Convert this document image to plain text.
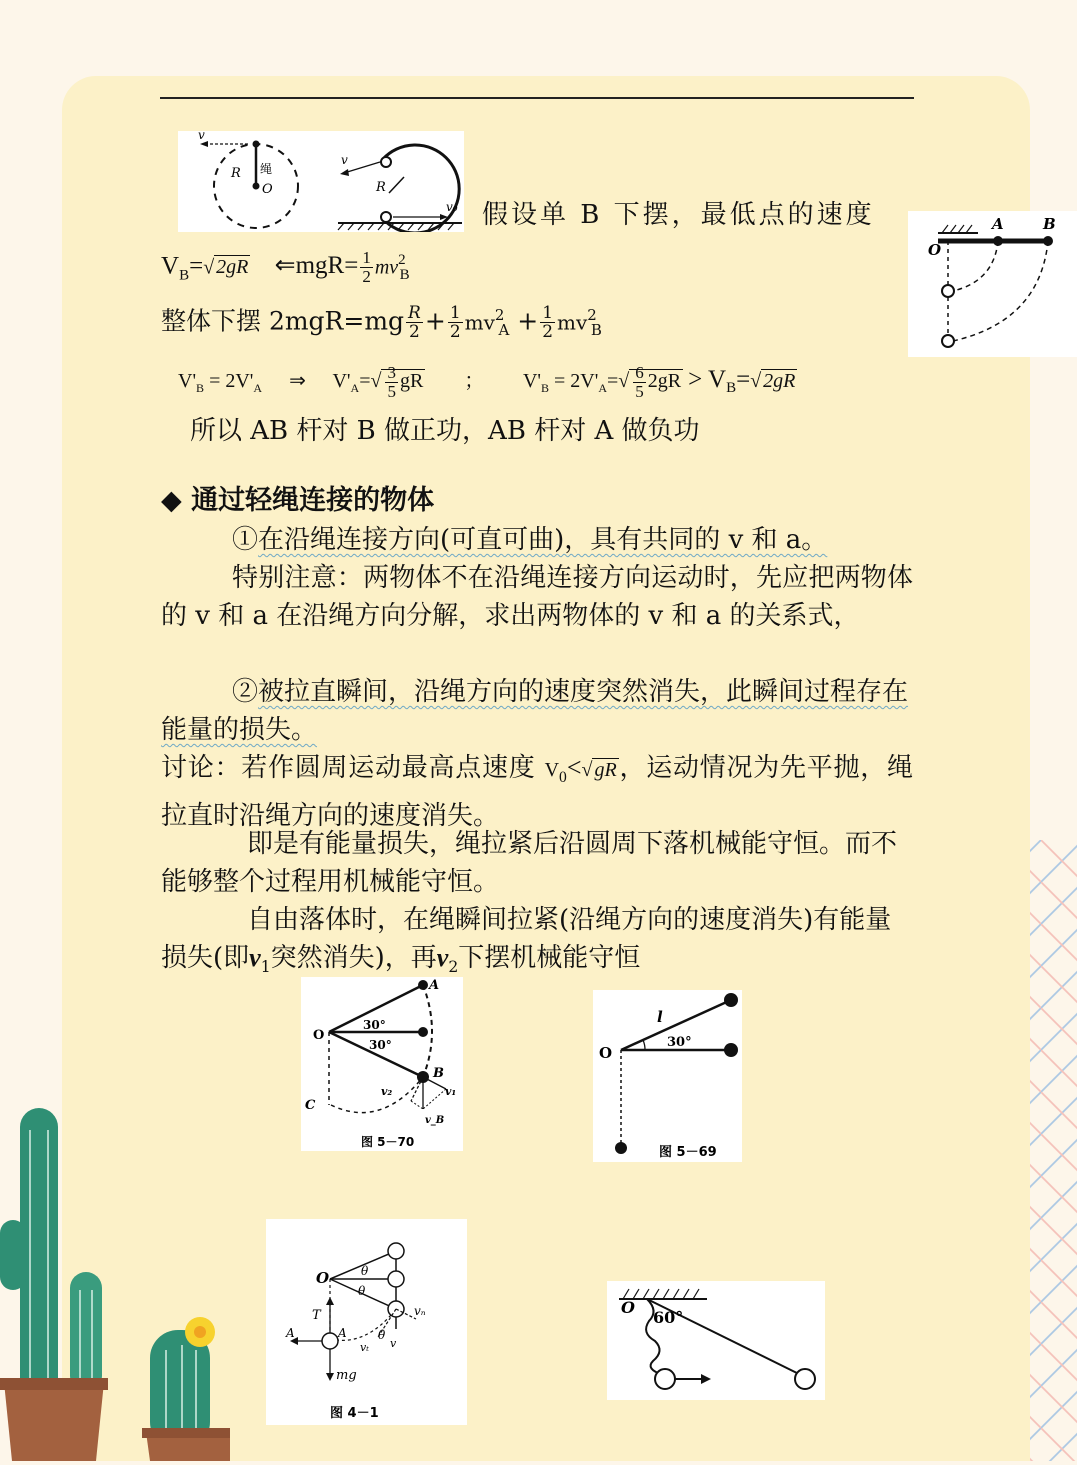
v
R 绳
O
v
R
v₀
O
A	B
假设单 B 下摆，最低点的速度
$V_B=√$ 2gR ⇐mgR= $\frac{1}{2} mv^2_B$
整体下摆 $2mgR=mg \frac{R}{2} + \frac{1}{2} mv^2_A + \frac{1}{2} mv^2_B$
$V'_B = 2V'_A$ ⇒ $V'_A=√ \frac{3}{5}$ gR ； $V'_B = 2V'_A=√ \frac{6}{5} 2gR > V_B=√$ 2gR
所以 AB 杆对 B 做正功，AB 杆对 A 做负功
◆ 通过轻绳连接的物体
①在沿绳连接方向(可直可曲)，具有共同的 v 和 a。
特别注意：两物体不在沿绳连接方向运动时，先应把两物体的 v 和 a 在沿绳方向分解，求出两物体的 v 和 a 的关系式，
②被拉直瞬间，沿绳方向的速度突然消失，此瞬间过程存在能量的损失。
讨论：若作圆周运动最高点速度 $V_0<√$ gR，运动情况为先平抛，绳拉直时沿绳方向的速度消失。
即是有能量损失，绳拉紧后沿圆周下落机械能守恒。而不能够整个过程用机械能守恒。
自由落体时，在绳瞬间拉紧(沿绳方向的速度消失)有能量损失(即$v_1$突然消失)，再$v_2$下摆机械能守恒
A
O
B
C
30°
30°
v₂	v₁
v_B
图 5－70
O
l
30°
图 5－69
O
T
A	A
mg
θ
θ
θ
vₙ
vₜ v
图 4－1
O
60°
